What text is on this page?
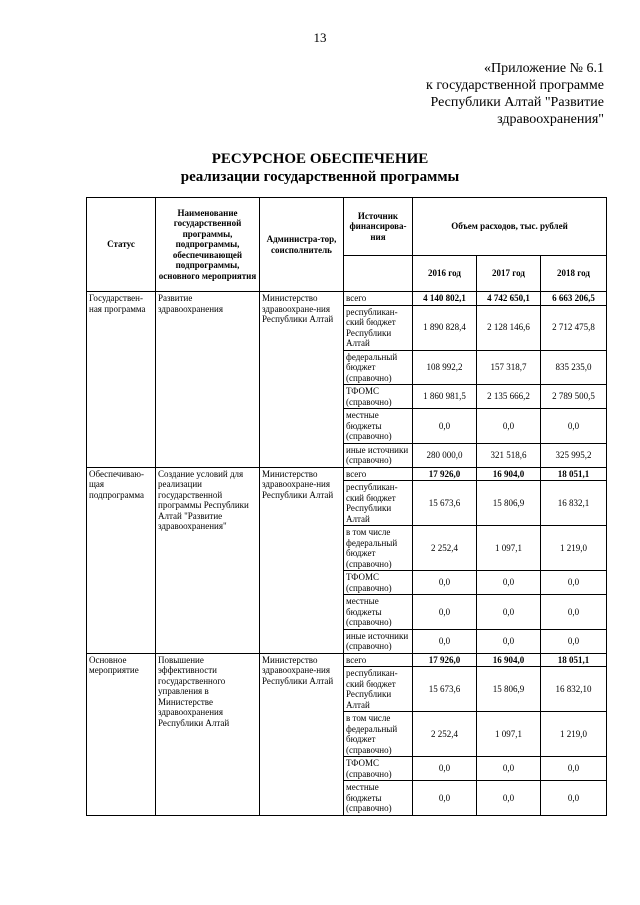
13
«Приложение № 6.1
к государственной программе
Республики Алтай "Развитие
здравоохранения"
РЕСУРСНОЕ ОБЕСПЕЧЕНИЕ
реализации государственной программы
Статус	Наименование государственной программы, подпрограммы, обеспечивающей подпрограммы, основного мероприятия	Администра-тор, соисполнитель	Источник финансирова-ния	Объем расходов, тыс. рублей		
				2016 год	2017 год	2018 год
Государствен-ная программа	Развитие здравоохранения	Министерство здравоохране-ния Республики Алтай	всего	4 140 802,1	4 742 650,1	6 663 206,5
			республикан-ский бюджет Республики Алтай	1 890 828,4	2 128 146,6	2 712 475,8
			федеральный бюджет (справочно)	108 992,2	157 318,7	835 235,0
			ТФОМС (справочно)	1 860 981,5	2 135 666,2	2 789 500,5
			местные бюджеты (справочно)	0,0	0,0	0,0
			иные источники (справочно)	280 000,0	321 518,6	325 995,2
Обеспечиваю-щая подпрограмма	Создание условий для реализации государственной программы Республики Алтай "Развитие здравоохранения"	Министерство здравоохране-ния Республики Алтай	всего	17 926,0	16 904,0	18 051,1
			республикан-ский бюджет Республики Алтай	15 673,6	15 806,9	16 832,1
			в том числе федеральный бюджет (справочно)	2 252,4	1 097,1	1 219,0
			ТФОМС (справочно)	0,0	0,0	0,0
			местные бюджеты (справочно)	0,0	0,0	0,0
			иные источники (справочно)	0,0	0,0	0,0
Основное мероприятие	Повышение эффективности государственного управления в Министерстве здравоохранения Республики Алтай	Министерство здравоохране-ния Республики Алтай	всего	17 926,0	16 904,0	18 051,1
			республикан-ский бюджет Республики Алтай	15 673,6	15 806,9	16 832,10
			в том числе федеральный бюджет (справочно)	2 252,4	1 097,1	1 219,0
			ТФОМС (справочно)	0,0	0,0	0,0
			местные бюджеты (справочно)	0,0	0,0	0,0
